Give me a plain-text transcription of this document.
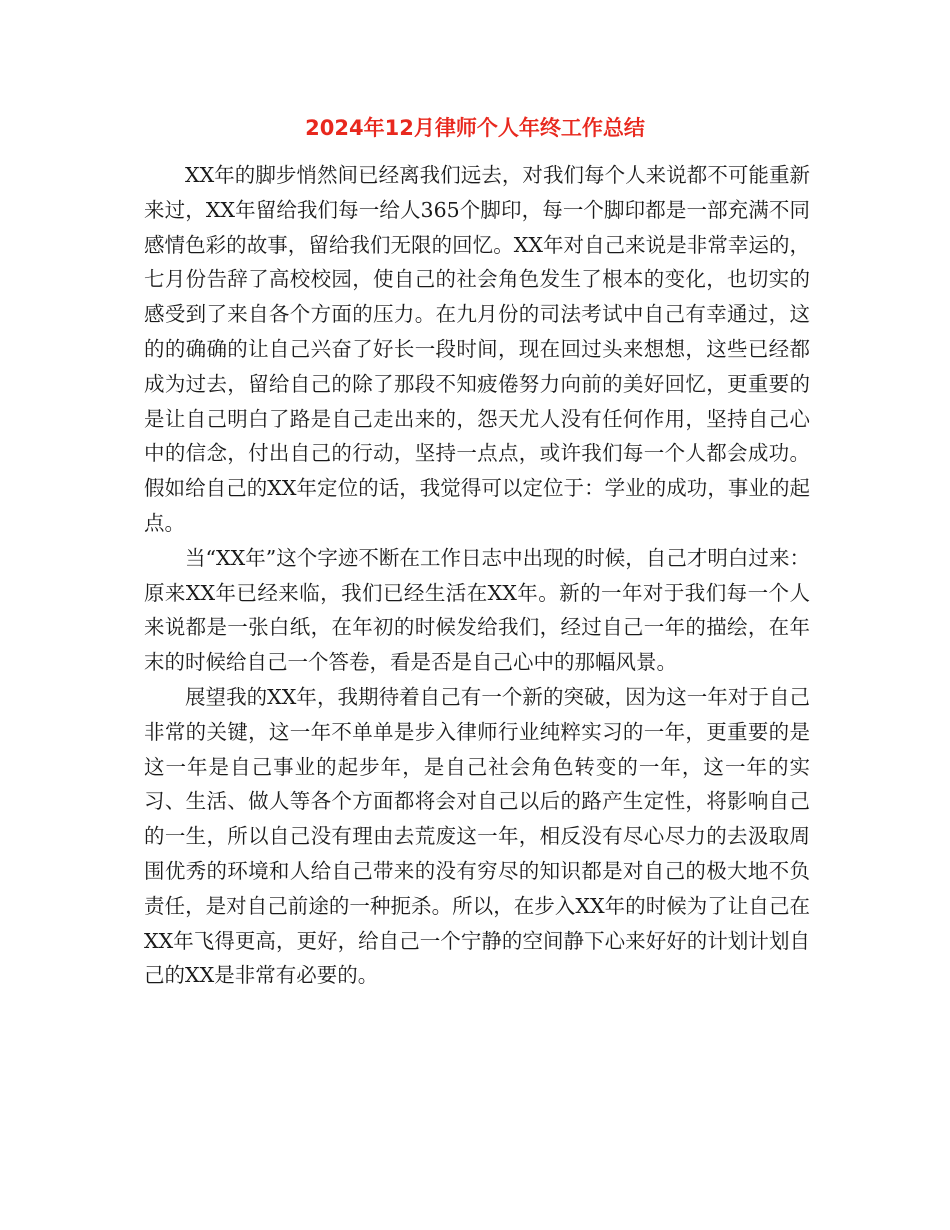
2024年12月律师个人年终工作总结

XX年的脚步悄然间已经离我们远去，对我们每个人来说都不可能重新来过，XX年留给我们每一给人365个脚印，每一个脚印都是一部充满不同感情色彩的故事，留给我们无限的回忆。XX年对自己来说是非常幸运的，七月份告辞了高校校园，使自己的社会角色发生了根本的变化，也切实的感受到了来自各个方面的压力。在九月份的司法考试中自己有幸通过，这的的确确的让自己兴奋了好长一段时间，现在回过头来想想，这些已经都成为过去，留给自己的除了那段不知疲倦努力向前的美好回忆，更重要的是让自己明白了路是自己走出来的，怨天尤人没有任何作用，坚持自己心中的信念，付出自己的行动，坚持一点点，或许我们每一个人都会成功。假如给自己的XX年定位的话，我觉得可以定位于：学业的成功，事业的起点。

当“XX年”这个字迹不断在工作日志中出现的时候，自己才明白过来：原来XX年已经来临，我们已经生活在XX年。新的一年对于我们每一个人来说都是一张白纸，在年初的时候发给我们，经过自己一年的描绘，在年末的时候给自己一个答卷，看是否是自己心中的那幅风景。

展望我的XX年，我期待着自己有一个新的突破，因为这一年对于自己非常的关键，这一年不单单是步入律师行业纯粹实习的一年，更重要的是这一年是自己事业的起步年，是自己社会角色转变的一年，这一年的实习、生活、做人等各个方面都将会对自己以后的路产生定性，将影响自己的一生，所以自己没有理由去荒废这一年，相反没有尽心尽力的去汲取周围优秀的环境和人给自己带来的没有穷尽的知识都是对自己的极大地不负责任，是对自己前途的一种扼杀。所以，在步入XX年的时候为了让自己在XX年飞得更高，更好，给自己一个宁静的空间静下心来好好的计划计划自己的XX是非常有必要的。
